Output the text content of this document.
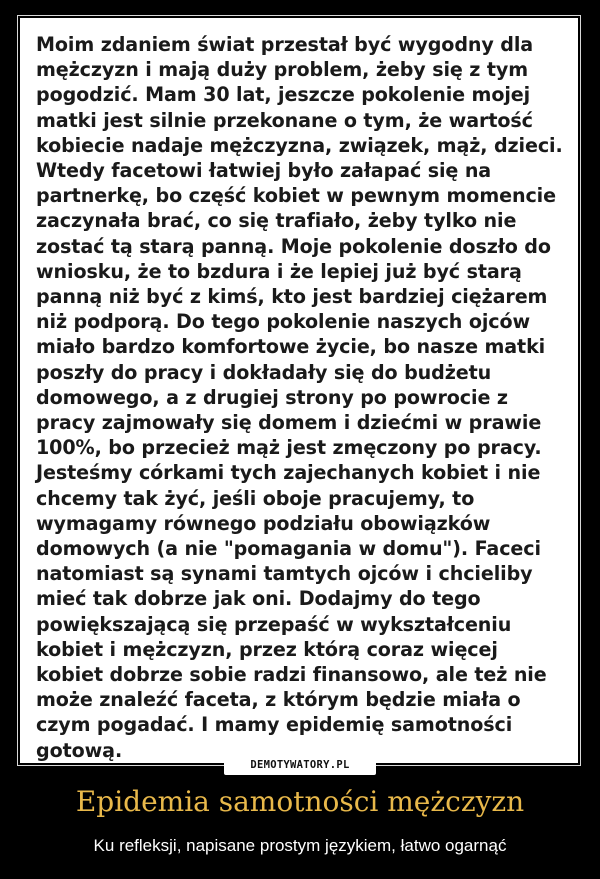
Moim zdaniem świat przestał być wygodny dla
mężczyzn i mają duży problem, żeby się z tym
pogodzić. Mam 30 lat, jeszcze pokolenie mojej
matki jest silnie przekonane o tym, że wartość
kobiecie nadaje mężczyzna, związek, mąż, dzieci.
Wtedy facetowi łatwiej było załapać się na
partnerkę, bo część kobiet w pewnym momencie
zaczynała brać, co się trafiało, żeby tylko nie
zostać tą starą panną. Moje pokolenie doszło do
wniosku, że to bzdura i że lepiej już być starą
panną niż być z kimś, kto jest bardziej ciężarem
niż podporą. Do tego pokolenie naszych ojców
miało bardzo komfortowe życie, bo nasze matki
poszły do pracy i dokładały się do budżetu
domowego, a z drugiej strony po powrocie z
pracy zajmowały się domem i dziećmi w prawie
100%, bo przecież mąż jest zmęczony po pracy.
Jesteśmy córkami tych zajechanych kobiet i nie
chcemy tak żyć, jeśli oboje pracujemy, to
wymagamy równego podziału obowiązków
domowych (a nie "pomagania w domu"). Faceci
natomiast są synami tamtych ojców i chcieliby
mieć tak dobrze jak oni. Dodajmy do tego
powiększającą się przepaść w wykształceniu
kobiet i mężczyzn, przez którą coraz więcej
kobiet dobrze sobie radzi finansowo, ale też nie
może znaleźć faceta, z którym będzie miała o
czym pogadać. I mamy epidemię samotności
gotową.

DEMOTYWATORY.PL
Epidemia samotności mężczyzn

Ku refleksji, napisane prostym językiem, łatwo ogarnąć
